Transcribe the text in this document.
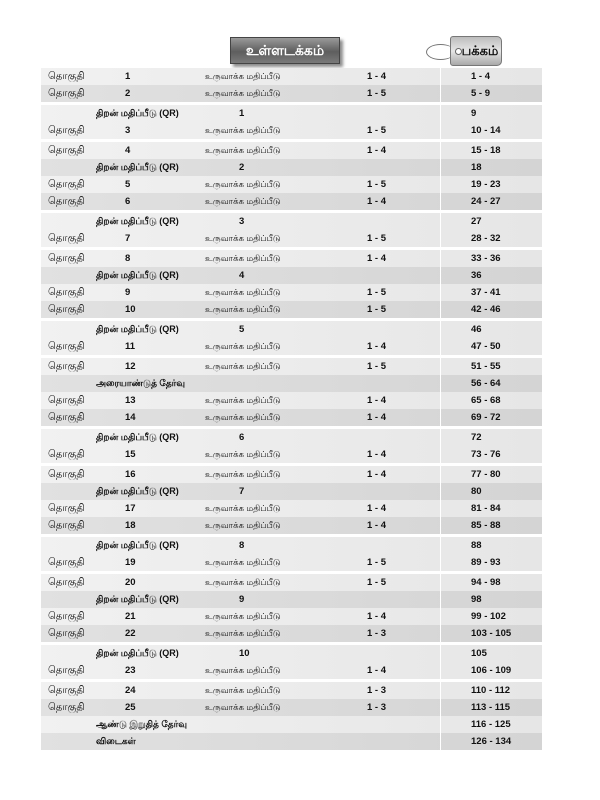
உள்ளடக்கம்	பக்கம்
தொகுதி	1	உருவாக்க மதிப்பீடு	1 - 4	1 - 4
தொகுதி	2	உருவாக்க மதிப்பீடு	1 - 5	5 - 9
திறன் மதிப்பீடு (QR)	1	9
தொகுதி	3	உருவாக்க மதிப்பீடு	1 - 5	10 - 14
தொகுதி	4	உருவாக்க மதிப்பீடு	1 - 4	15 - 18
திறன் மதிப்பீடு (QR)	2	18
தொகுதி	5	உருவாக்க மதிப்பீடு	1 - 5	19 - 23
தொகுதி	6	உருவாக்க மதிப்பீடு	1 - 4	24 - 27
திறன் மதிப்பீடு (QR)	3	27
தொகுதி	7	உருவாக்க மதிப்பீடு	1 - 5	28 - 32
தொகுதி	8	உருவாக்க மதிப்பீடு	1 - 4	33 - 36
திறன் மதிப்பீடு (QR)	4	36
தொகுதி	9	உருவாக்க மதிப்பீடு	1 - 5	37 - 41
தொகுதி	10	உருவாக்க மதிப்பீடு	1 - 5	42 - 46
திறன் மதிப்பீடு (QR)	5	46
தொகுதி	11	உருவாக்க மதிப்பீடு	1 - 4	47 - 50
தொகுதி	12	உருவாக்க மதிப்பீடு	1 - 5	51 - 55
அரையாண்டுத் தேர்வு	56 - 64
தொகுதி	13	உருவாக்க மதிப்பீடு	1 - 4	65 - 68
தொகுதி	14	உருவாக்க மதிப்பீடு	1 - 4	69 - 72
திறன் மதிப்பீடு (QR)	6	72
தொகுதி	15	உருவாக்க மதிப்பீடு	1 - 4	73 - 76
தொகுதி	16	உருவாக்க மதிப்பீடு	1 - 4	77 - 80
திறன் மதிப்பீடு (QR)	7	80
தொகுதி	17	உருவாக்க மதிப்பீடு	1 - 4	81 - 84
தொகுதி	18	உருவாக்க மதிப்பீடு	1 - 4	85 - 88
திறன் மதிப்பீடு (QR)	8	88
தொகுதி	19	உருவாக்க மதிப்பீடு	1 - 5	89 - 93
தொகுதி	20	உருவாக்க மதிப்பீடு	1 - 5	94 - 98
திறன் மதிப்பீடு (QR)	9	98
தொகுதி	21	உருவாக்க மதிப்பீடு	1 - 4	99 - 102
தொகுதி	22	உருவாக்க மதிப்பீடு	1 - 3	103 - 105
திறன் மதிப்பீடு (QR)	10	105
தொகுதி	23	உருவாக்க மதிப்பீடு	1 - 4	106 - 109
தொகுதி	24	உருவாக்க மதிப்பீடு	1 - 3	110 - 112
தொகுதி	25	உருவாக்க மதிப்பீடு	1 - 3	113 - 115
ஆண்டு இறுதித் தேர்வு	116 - 125
விடைகள்	126 - 134
